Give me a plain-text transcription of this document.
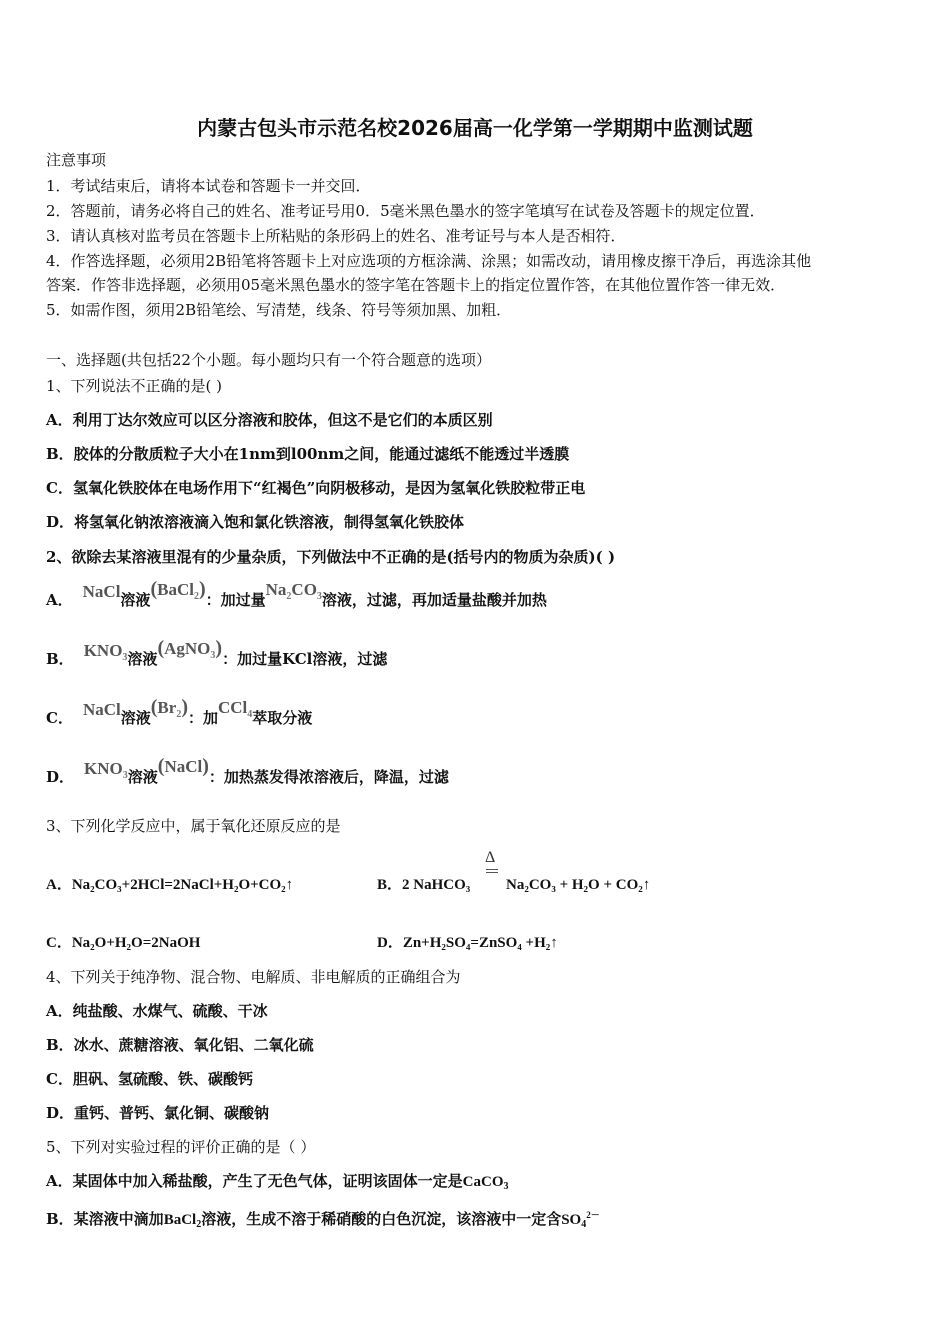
内蒙古包头市示范名校2026届高一化学第一学期期中监测试题
注意事项
1．考试结束后，请将本试卷和答题卡一并交回．
2．答题前，请务必将自己的姓名、准考证号用0．5毫米黑色墨水的签字笔填写在试卷及答题卡的规定位置．
3．请认真核对监考员在答题卡上所粘贴的条形码上的姓名、准考证号与本人是否相符．
4．作答选择题，必须用2B铅笔将答题卡上对应选项的方框涂满、涂黑；如需改动，请用橡皮擦干净后，再选涂其他
答案．作答非选择题，必须用05毫米黑色墨水的签字笔在答题卡上的指定位置作答，在其他位置作答一律无效．
5．如需作图，须用2B铅笔绘、写清楚，线条、符号等须加黑、加粗．
一、选择题(共包括22个小题。每小题均只有一个符合题意的选项）
1、下列说法不正确的是( )
A．利用丁达尔效应可以区分溶液和胶体，但这不是它们的本质区别
B．胶体的分散质粒子大小在1nm到l00nm之间，能通过滤纸不能透过半透膜
C．氢氧化铁胶体在电场作用下“红褐色”向阴极移动，是因为氢氧化铁胶粒带正电
D．将氢氧化钠浓溶液滴入饱和氯化铁溶液，制得氢氧化铁胶体
2、欲除去某溶液里混有的少量杂质，下列做法中不正确的是(括号内的物质为杂质)( )
A． NaCl溶液(BaCl$_2$)：加过量$Na_2CO_3$溶液，过滤，再加适量盐酸并加热
B． $KNO_3$溶液(AgNO$_3$)：加过量KCl溶液，过滤
C． NaCl溶液$(Br_2)$：加CCl$_4$萃取分液
D． $KNO_3$溶液(NaCl)：加热蒸发得浓溶液后，降温，过滤
3、下列化学反应中，属于氧化还原反应的是
A．Na₂CO₃+2HCl=2NaCl+H₂O+CO₂↑	B．2 NaHCO₃
Δ
Na₂CO₃ + H₂O + CO₂↑
C．Na₂O+H₂O=2NaOH	D．Zn+H₂SO₄=ZnSO₄ +H₂↑
4、下列关于纯净物、混合物、电解质、非电解质的正确组合为
A．纯盐酸、水煤气、硫酸、干冰
B．冰水、蔗糖溶液、氧化铝、二氧化硫
C．胆矾、氢硫酸、铁、碳酸钙
D．重钙、普钙、氯化铜、碳酸钠
5、下列对实验过程的评价正确的是（ ）
A．某固体中加入稀盐酸，产生了无色气体，证明该固体一定是CaCO$_3$
B．某溶液中滴加BaCl$_2$溶液，生成不溶于稀硝酸的白色沉淀，该溶液中一定含$SO_4^{2-}$
